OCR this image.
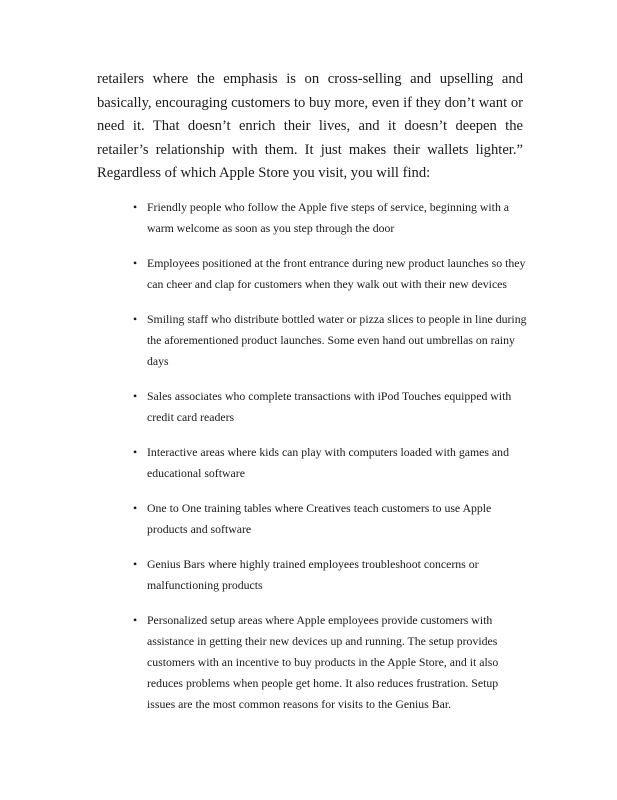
retailers where the emphasis is on cross-selling and upselling and basically, encouraging customers to buy more, even if they don’t want or need it. That doesn’t enrich their lives, and it doesn’t deepen the retailer’s relationship with them. It just makes their wallets lighter.” Regardless of which Apple Store you visit, you will find:

• Friendly people who follow the Apple five steps of service, beginning with a warm welcome as soon as you step through the door
• Employees positioned at the front entrance during new product launches so they can cheer and clap for customers when they walk out with their new devices
• Smiling staff who distribute bottled water or pizza slices to people in line during the aforementioned product launches. Some even hand out umbrellas on rainy days
• Sales associates who complete transactions with iPod Touches equipped with credit card readers
• Interactive areas where kids can play with computers loaded with games and educational software
• One to One training tables where Creatives teach customers to use Apple products and software
• Genius Bars where highly trained employees troubleshoot concerns or malfunctioning products
• Personalized setup areas where Apple employees provide customers with assistance in getting their new devices up and running. The setup provides customers with an incentive to buy products in the Apple Store, and it also reduces problems when people get home. It also reduces frustration. Setup issues are the most common reasons for visits to the Genius Bar.
